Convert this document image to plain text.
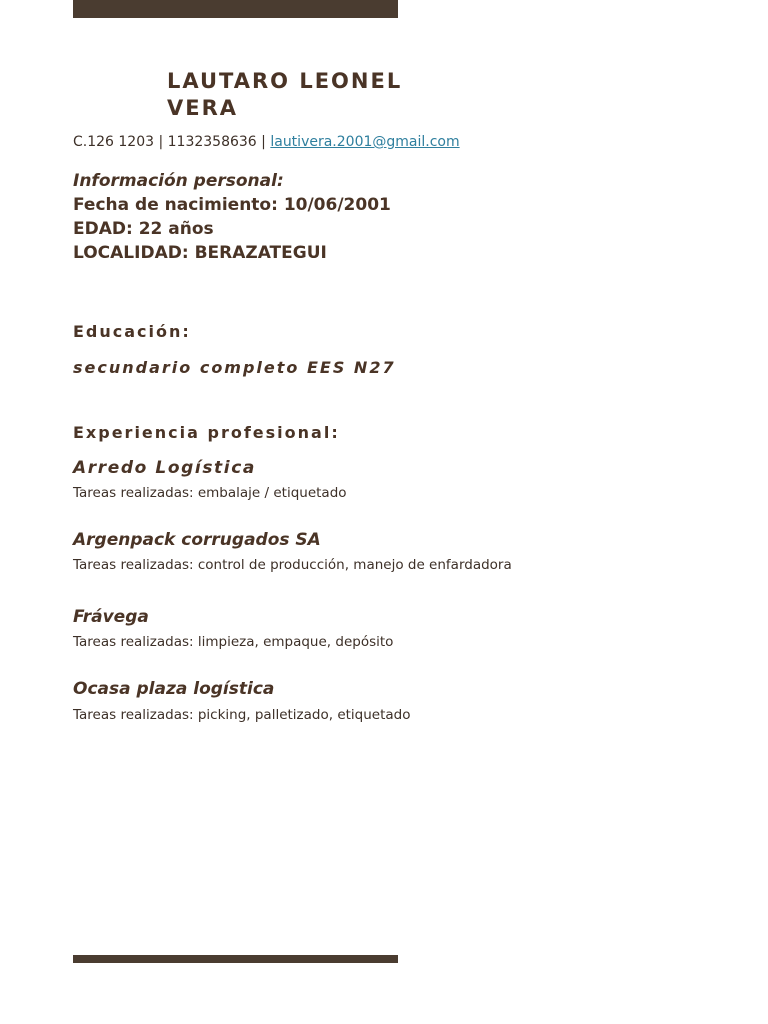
LAUTARO LEONEL VERA
C.126 1203 | 1132358636 | lautivera.2001@gmail.com
Información personal:
Fecha de nacimiento: 10/06/2001
EDAD: 22 años
LOCALIDAD: BERAZATEGUI
Educación:
secundario completo EES N27
Experiencia profesional:
Arredo Logística
Tareas realizadas: embalaje / etiquetado
Argenpack corrugados SA
Tareas realizadas: control de producción, manejo de enfardadora
Frávega
Tareas realizadas: limpieza, empaque, depósito
Ocasa plaza logística
Tareas realizadas: picking, palletizado, etiquetado
